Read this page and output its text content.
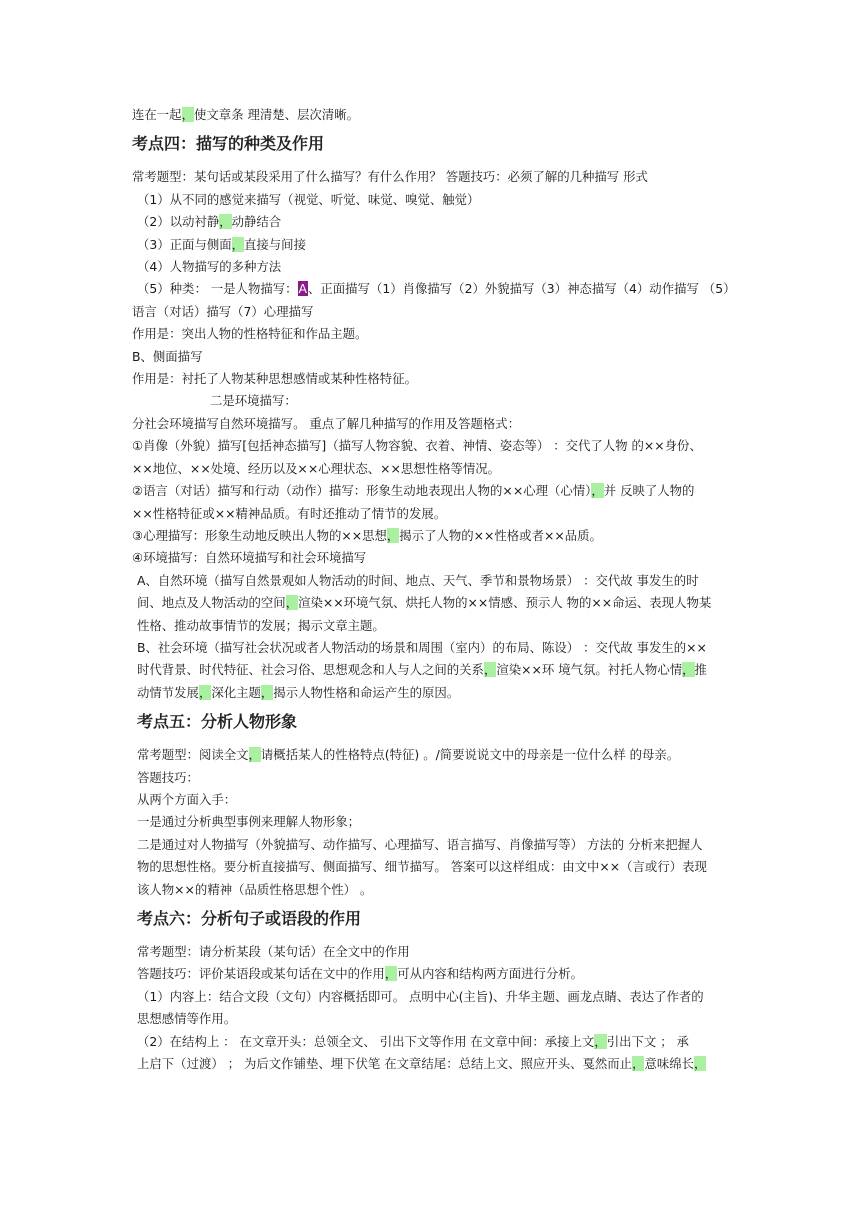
连在一起，使文章条 理清楚、层次清晰。

考点四：描写的种类及作用

常考题型：某句话或某段采用了什么描写？有什么作用？ 答题技巧：必须了解的几种描写 形式

（1）从不同的感觉来描写（视觉、听觉、味觉、嗅觉、触觉）

（2）以动衬静，动静结合

（3）正面与侧面，直接与间接

（4）人物描写的多种方法

（5）种类： 一是人物描写：A、正面描写（1）肖像描写（2）外貌描写（3）神态描写（4）动作描写 （5）

语言（对话）描写（7）心理描写

作用是：突出人物的性格特征和作品主题。

B、侧面描写

作用是：衬托了人物某种思想感情或某种性格特征。

二是环境描写：

分社会环境描写自然环境描写。 重点了解几种描写的作用及答题格式：

①肖像（外貌）描写[包括神态描写]（描写人物容貌、衣着、神情、姿态等） ：交代了人物 的××身份、

××地位、××处境、经历以及××心理状态、××思想性格等情况。

②语言（对话）描写和行动（动作）描写：形象生动地表现出人物的××心理（心情），并 反映了人物的

××性格特征或××精神品质。有时还推动了情节的发展。

③心理描写：形象生动地反映出人物的××思想，揭示了人物的××性格或者××品质。

④环境描写：自然环境描写和社会环境描写

A、自然环境（描写自然景观如人物活动的时间、地点、天气、季节和景物场景） ：交代故 事发生的时

间、地点及人物活动的空间，渲染××环境气氛、烘托人物的××情感、预示人 物的××命运、表现人物某

性格、推动故事情节的发展；揭示文章主题。

B、社会环境（描写社会状况或者人物活动的场景和周围（室内）的布局、陈设） ：交代故 事发生的××

时代背景、时代特征、社会习俗、思想观念和人与人之间的关系，渲染××环 境气氛。衬托人物心情，推

动情节发展，深化主题，揭示人物性格和命运产生的原因。

考点五：分析人物形象

常考题型：阅读全文，请概括某人的性格特点(特征) 。/简要说说文中的母亲是一位什么样 的母亲。

答题技巧：

从两个方面入手：

一是通过分析典型事例来理解人物形象；

二是通过对人物描写（外貌描写、动作描写、心理描写、语言描写、肖像描写等） 方法的 分析来把握人

物的思想性格。要分析直接描写、侧面描写、细节描写。 答案可以这样组成：由文中××（言或行）表现

该人物××的精神（品质性格思想个性） 。

考点六：分析句子或语段的作用

常考题型：请分析某段（某句话）在全文中的作用

答题技巧：评价某语段或某句话在文中的作用，可从内容和结构两方面进行分析。

（1）内容上：结合文段（文句）内容概括即可。 点明中心(主旨)、升华主题、画龙点睛、表达了作者的

思想感情等作用。

（2）在结构上 ： 在文章开头：总领全文、 引出下文等作用 在文章中间：承接上文，引出下文 ； 承

上启下（过渡） ； 为后文作铺垫、埋下伏笔 在文章结尾：总结上文、照应开头、戛然而止，意味绵长，
